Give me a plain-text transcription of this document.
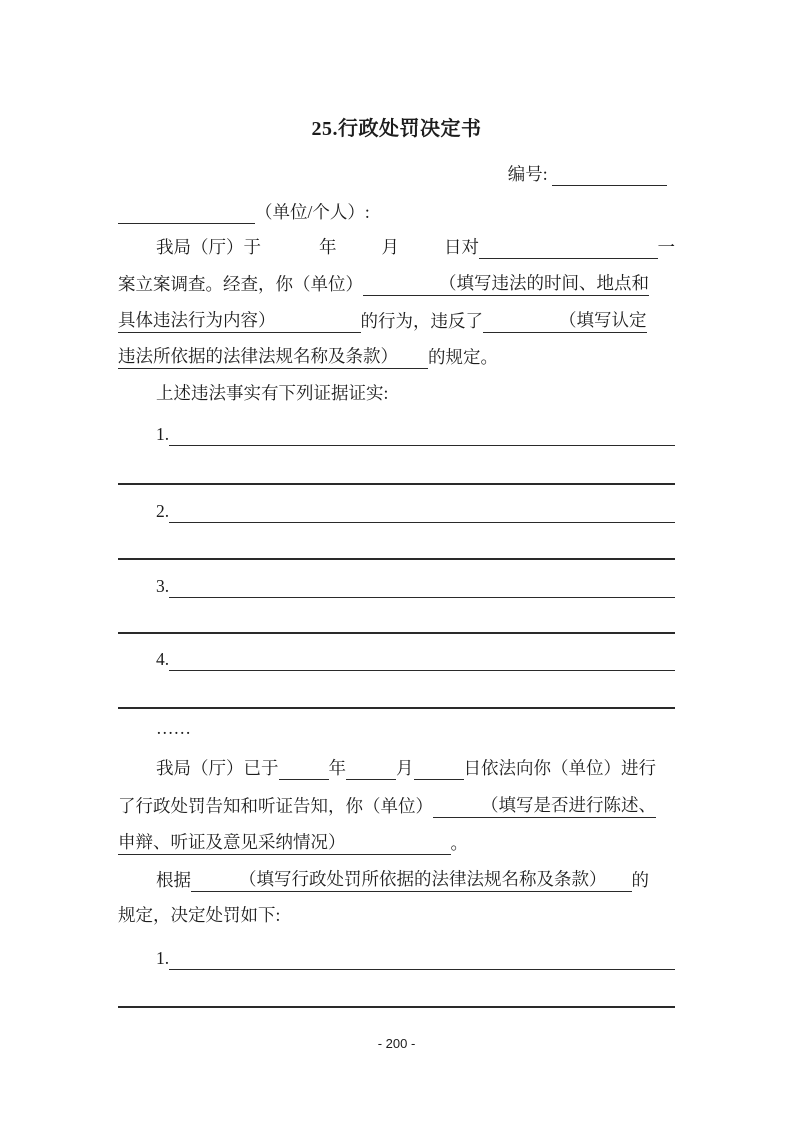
25.行政处罚决定书
编号:
（单位/个人）:
我局（厅）于	年	月	日对	一
案立案调查。经查，你（单位）	（填写违法的时间、地点和
具体违法行为内容）	的行为，违反了	（填写认定
违法所依据的法律法规名称及条款） 的规定。
上述违法事实有下列证据证实:
1.
2.
3.
4.
……
我局（厅）已于	年	月	日依法向你（单位）进行
了行政处罚告知和听证告知，你（单位）	（填写是否进行陈述、
申辩、听证及意见采纳情况）	。
根据	（填写行政处罚所依据的法律法规名称及条款） 的
规定，决定处罚如下:
1.
- 200 -
